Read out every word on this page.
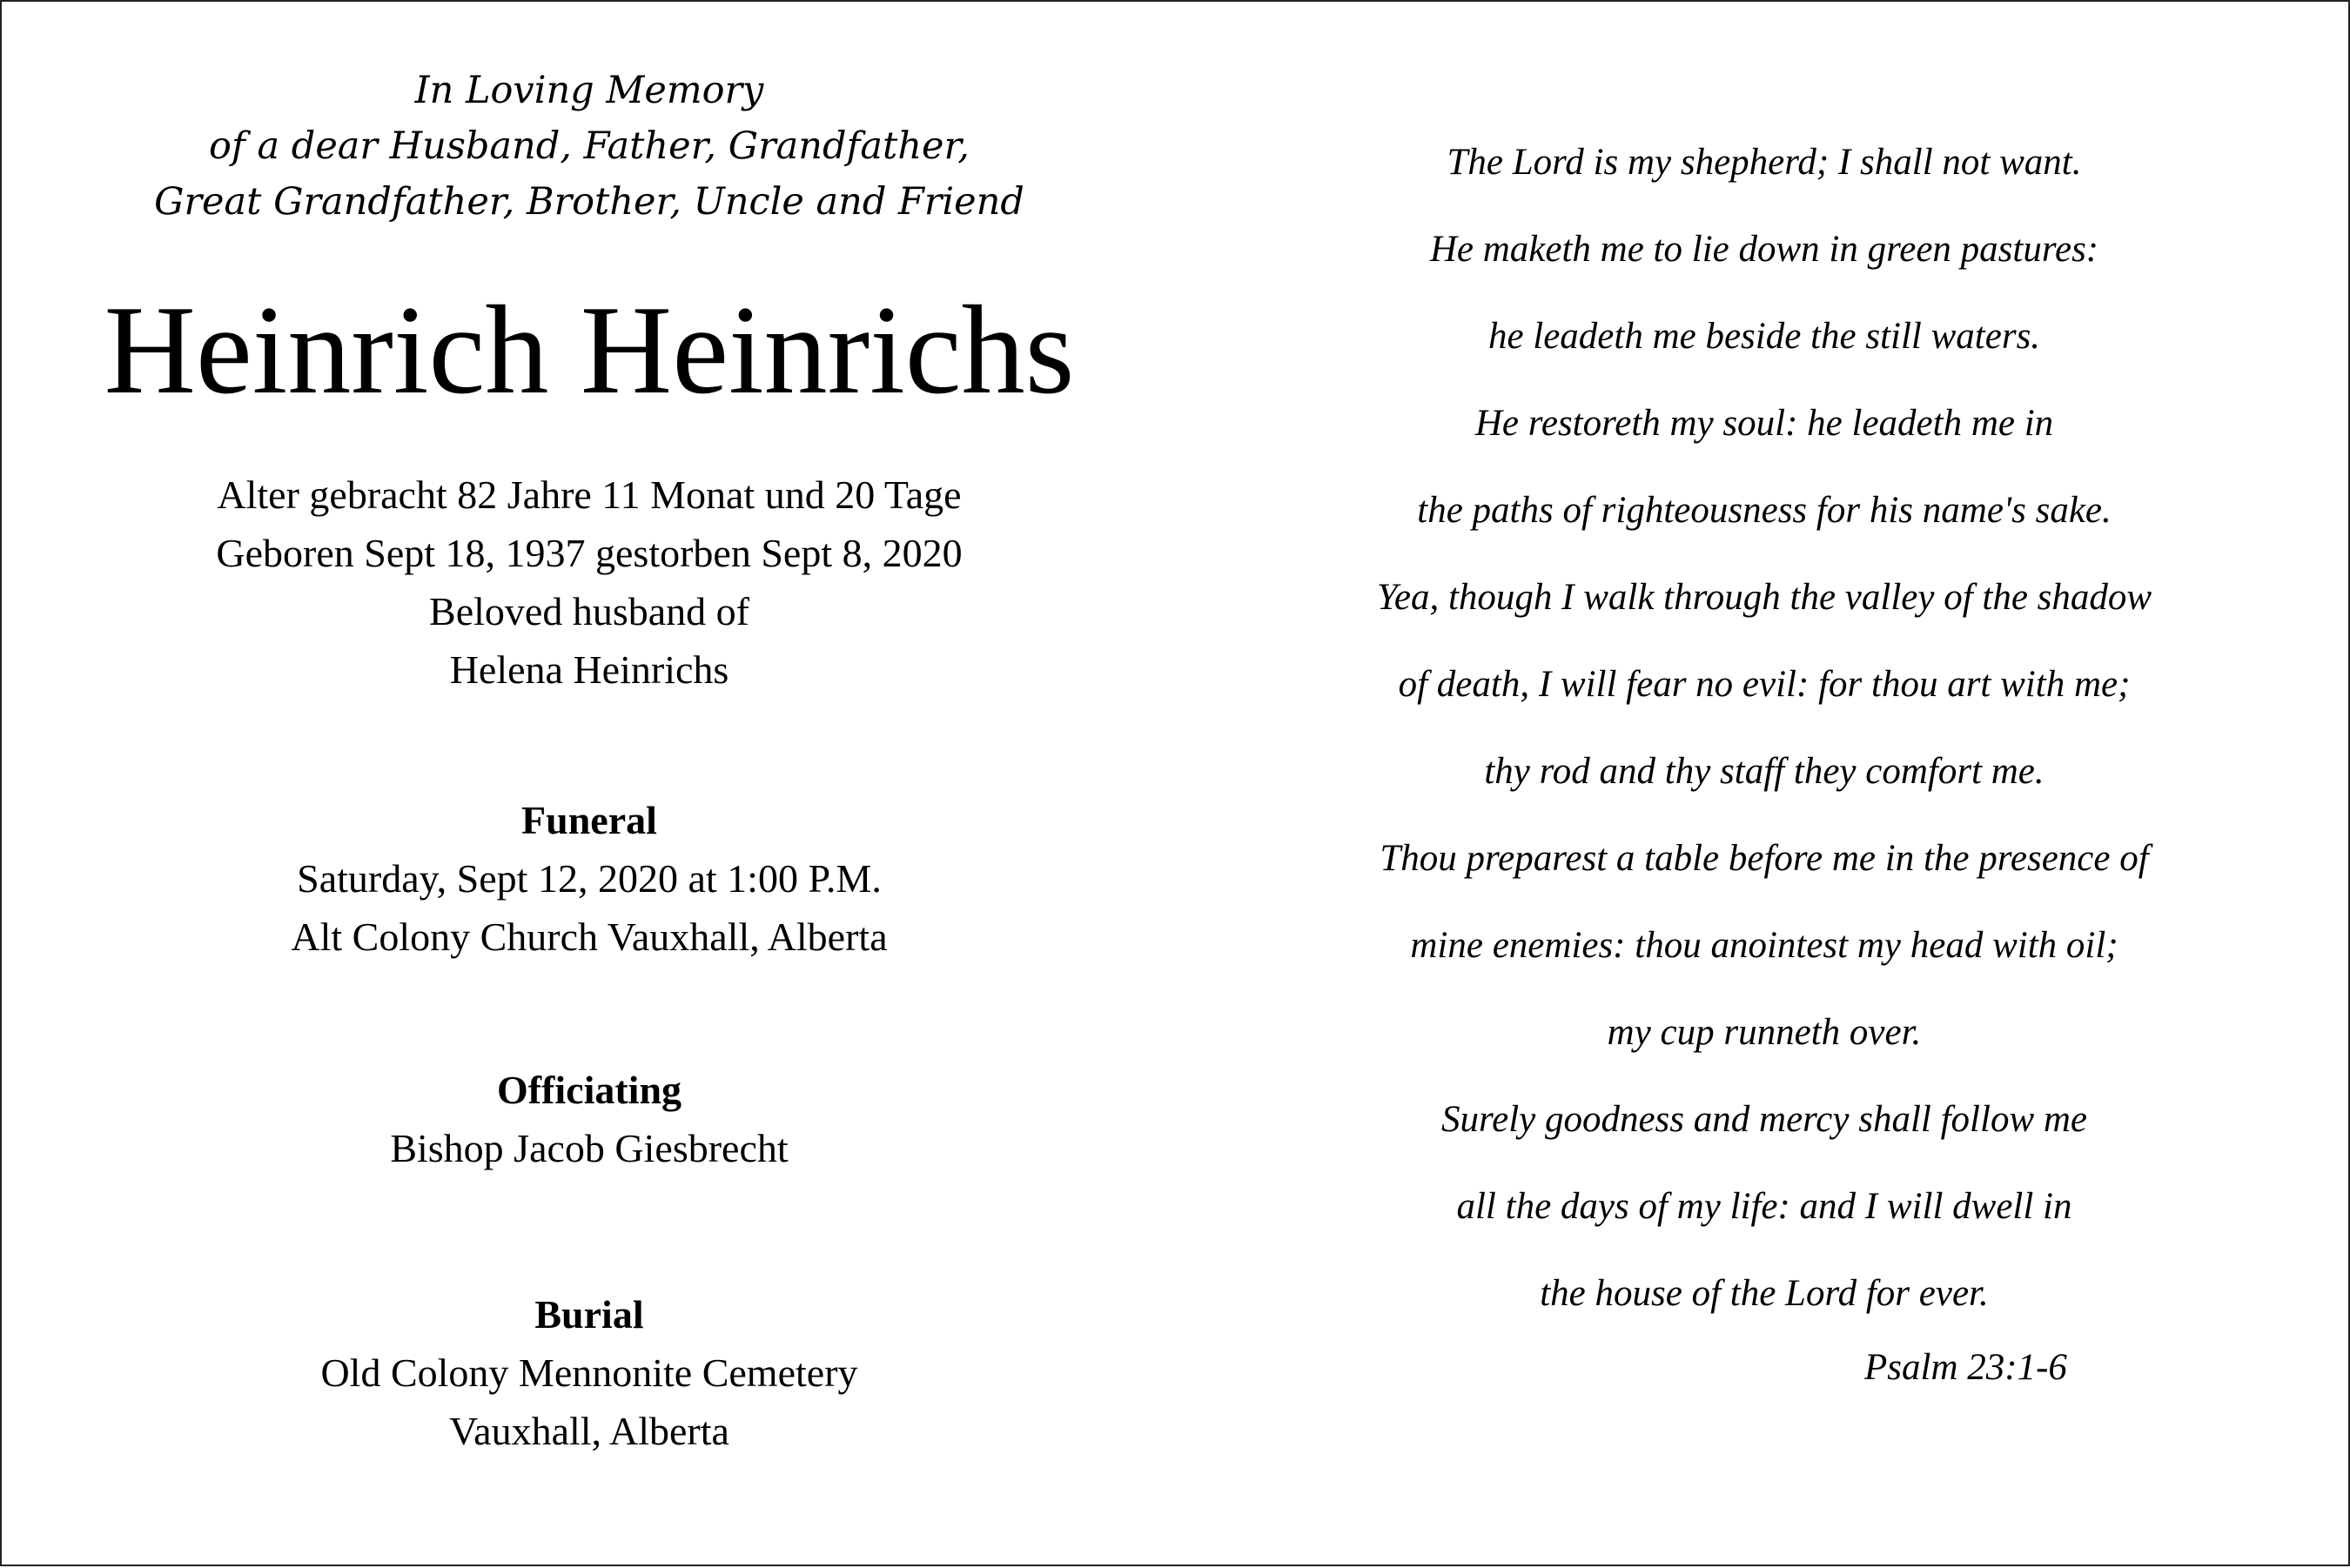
In Loving Memory
of a dear Husband, Father, Grandfather,
Great Grandfather, Brother, Uncle and Friend
Heinrich Heinrichs
Alter gebracht 82 Jahre 11 Monat und 20 Tage
Geboren Sept 18, 1937 gestorben Sept 8, 2020
Beloved husband of
Helena Heinrichs
Funeral
Saturday, Sept 12, 2020 at 1:00 P.M.
Alt Colony Church Vauxhall, Alberta
Officiating
Bishop Jacob Giesbrecht
Burial
Old Colony Mennonite Cemetery
Vauxhall, Alberta
The Lord is my shepherd; I shall not want.
He maketh me to lie down in green pastures:
he leadeth me beside the still waters.
He restoreth my soul: he leadeth me in
the paths of righteousness for his name's sake.
Yea, though I walk through the valley of the shadow
of death, I will fear no evil: for thou art with me;
thy rod and thy staff they comfort me.
Thou preparest a table before me in the presence of
mine enemies: thou anointest my head with oil;
my cup runneth over.
Surely goodness and mercy shall follow me
all the days of my life: and I will dwell in
the house of the Lord for ever.
Psalm 23:1-6
